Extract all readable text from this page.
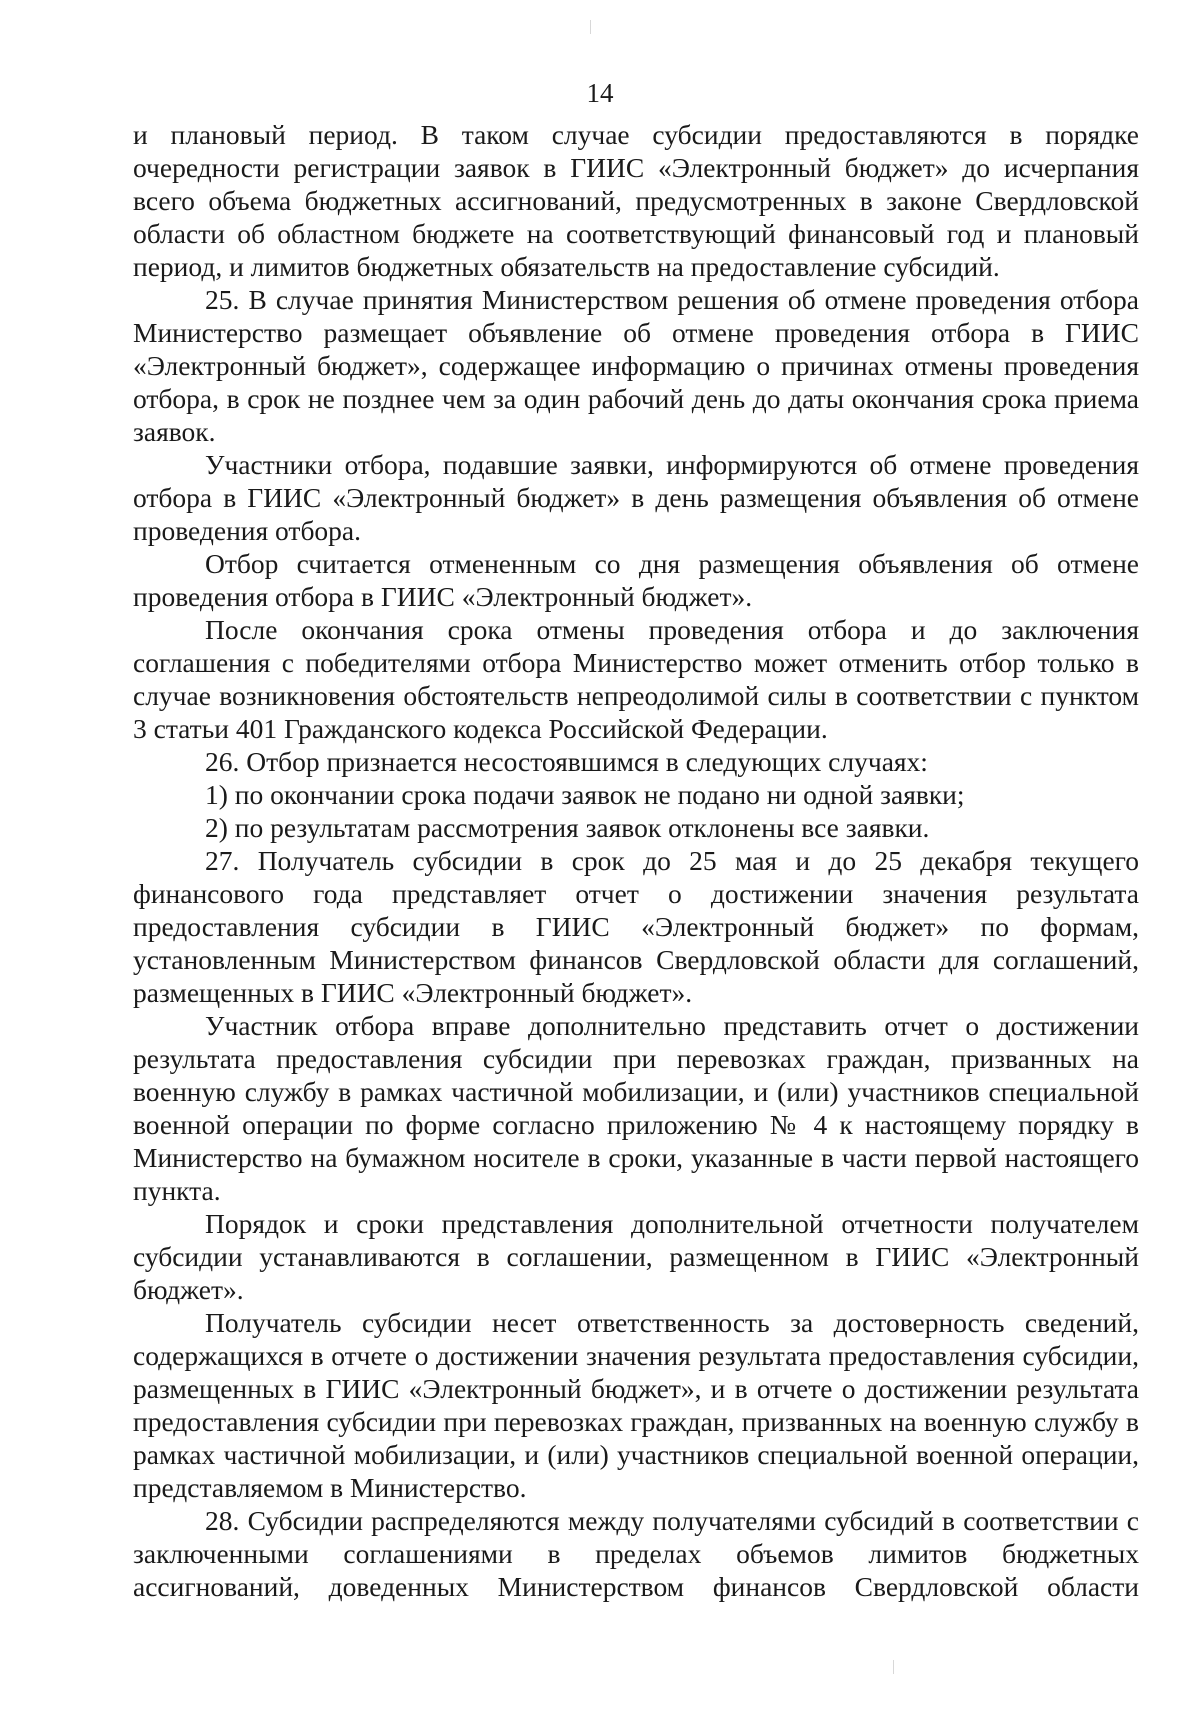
14

и плановый период. В таком случае субсидии предоставляются в порядке очередности регистрации заявок в ГИИС «Электронный бюджет» до исчерпания всего объема бюджетных ассигнований, предусмотренных в законе Свердловской области об областном бюджете на соответствующий финансовый год и плановый период, и лимитов бюджетных обязательств на предоставление субсидий.

25. В случае принятия Министерством решения об отмене проведения отбора Министерство размещает объявление об отмене проведения отбора в ГИИС «Электронный бюджет», содержащее информацию о причинах отмены проведения отбора, в срок не позднее чем за один рабочий день до даты окончания срока приема заявок.

Участники отбора, подавшие заявки, информируются об отмене проведения отбора в ГИИС «Электронный бюджет» в день размещения объявления об отмене проведения отбора.

Отбор считается отмененным со дня размещения объявления об отмене проведения отбора в ГИИС «Электронный бюджет».

После окончания срока отмены проведения отбора и до заключения соглашения с победителями отбора Министерство может отменить отбор только в случае возникновения обстоятельств непреодолимой силы в соответствии с пунктом 3 статьи 401 Гражданского кодекса Российской Федерации.

26. Отбор признается несостоявшимся в следующих случаях:

1) по окончании срока подачи заявок не подано ни одной заявки;

2) по результатам рассмотрения заявок отклонены все заявки.

27. Получатель субсидии в срок до 25 мая и до 25 декабря текущего финансового года представляет отчет о достижении значения результата предоставления субсидии в ГИИС «Электронный бюджет» по формам, установленным Министерством финансов Свердловской области для соглашений, размещенных в ГИИС «Электронный бюджет».

Участник отбора вправе дополнительно представить отчет о достижении результата предоставления субсидии при перевозках граждан, призванных на военную службу в рамках частичной мобилизации, и (или) участников специальной военной операции по форме согласно приложению № 4 к настоящему порядку в Министерство на бумажном носителе в сроки, указанные в части первой настоящего пункта.

Порядок и сроки представления дополнительной отчетности получателем субсидии устанавливаются в соглашении, размещенном в ГИИС «Электронный бюджет».

Получатель субсидии несет ответственность за достоверность сведений, содержащихся в отчете о достижении значения результата предоставления субсидии, размещенных в ГИИС «Электронный бюджет», и в отчете о достижении результата предоставления субсидии при перевозках граждан, призванных на военную службу в рамках частичной мобилизации, и (или) участников специальной военной операции, представляемом в Министерство.

28. Субсидии распределяются между получателями субсидий в соответствии с заключенными соглашениями в пределах объемов лимитов бюджетных ассигнований, доведенных Министерством финансов Свердловской области
